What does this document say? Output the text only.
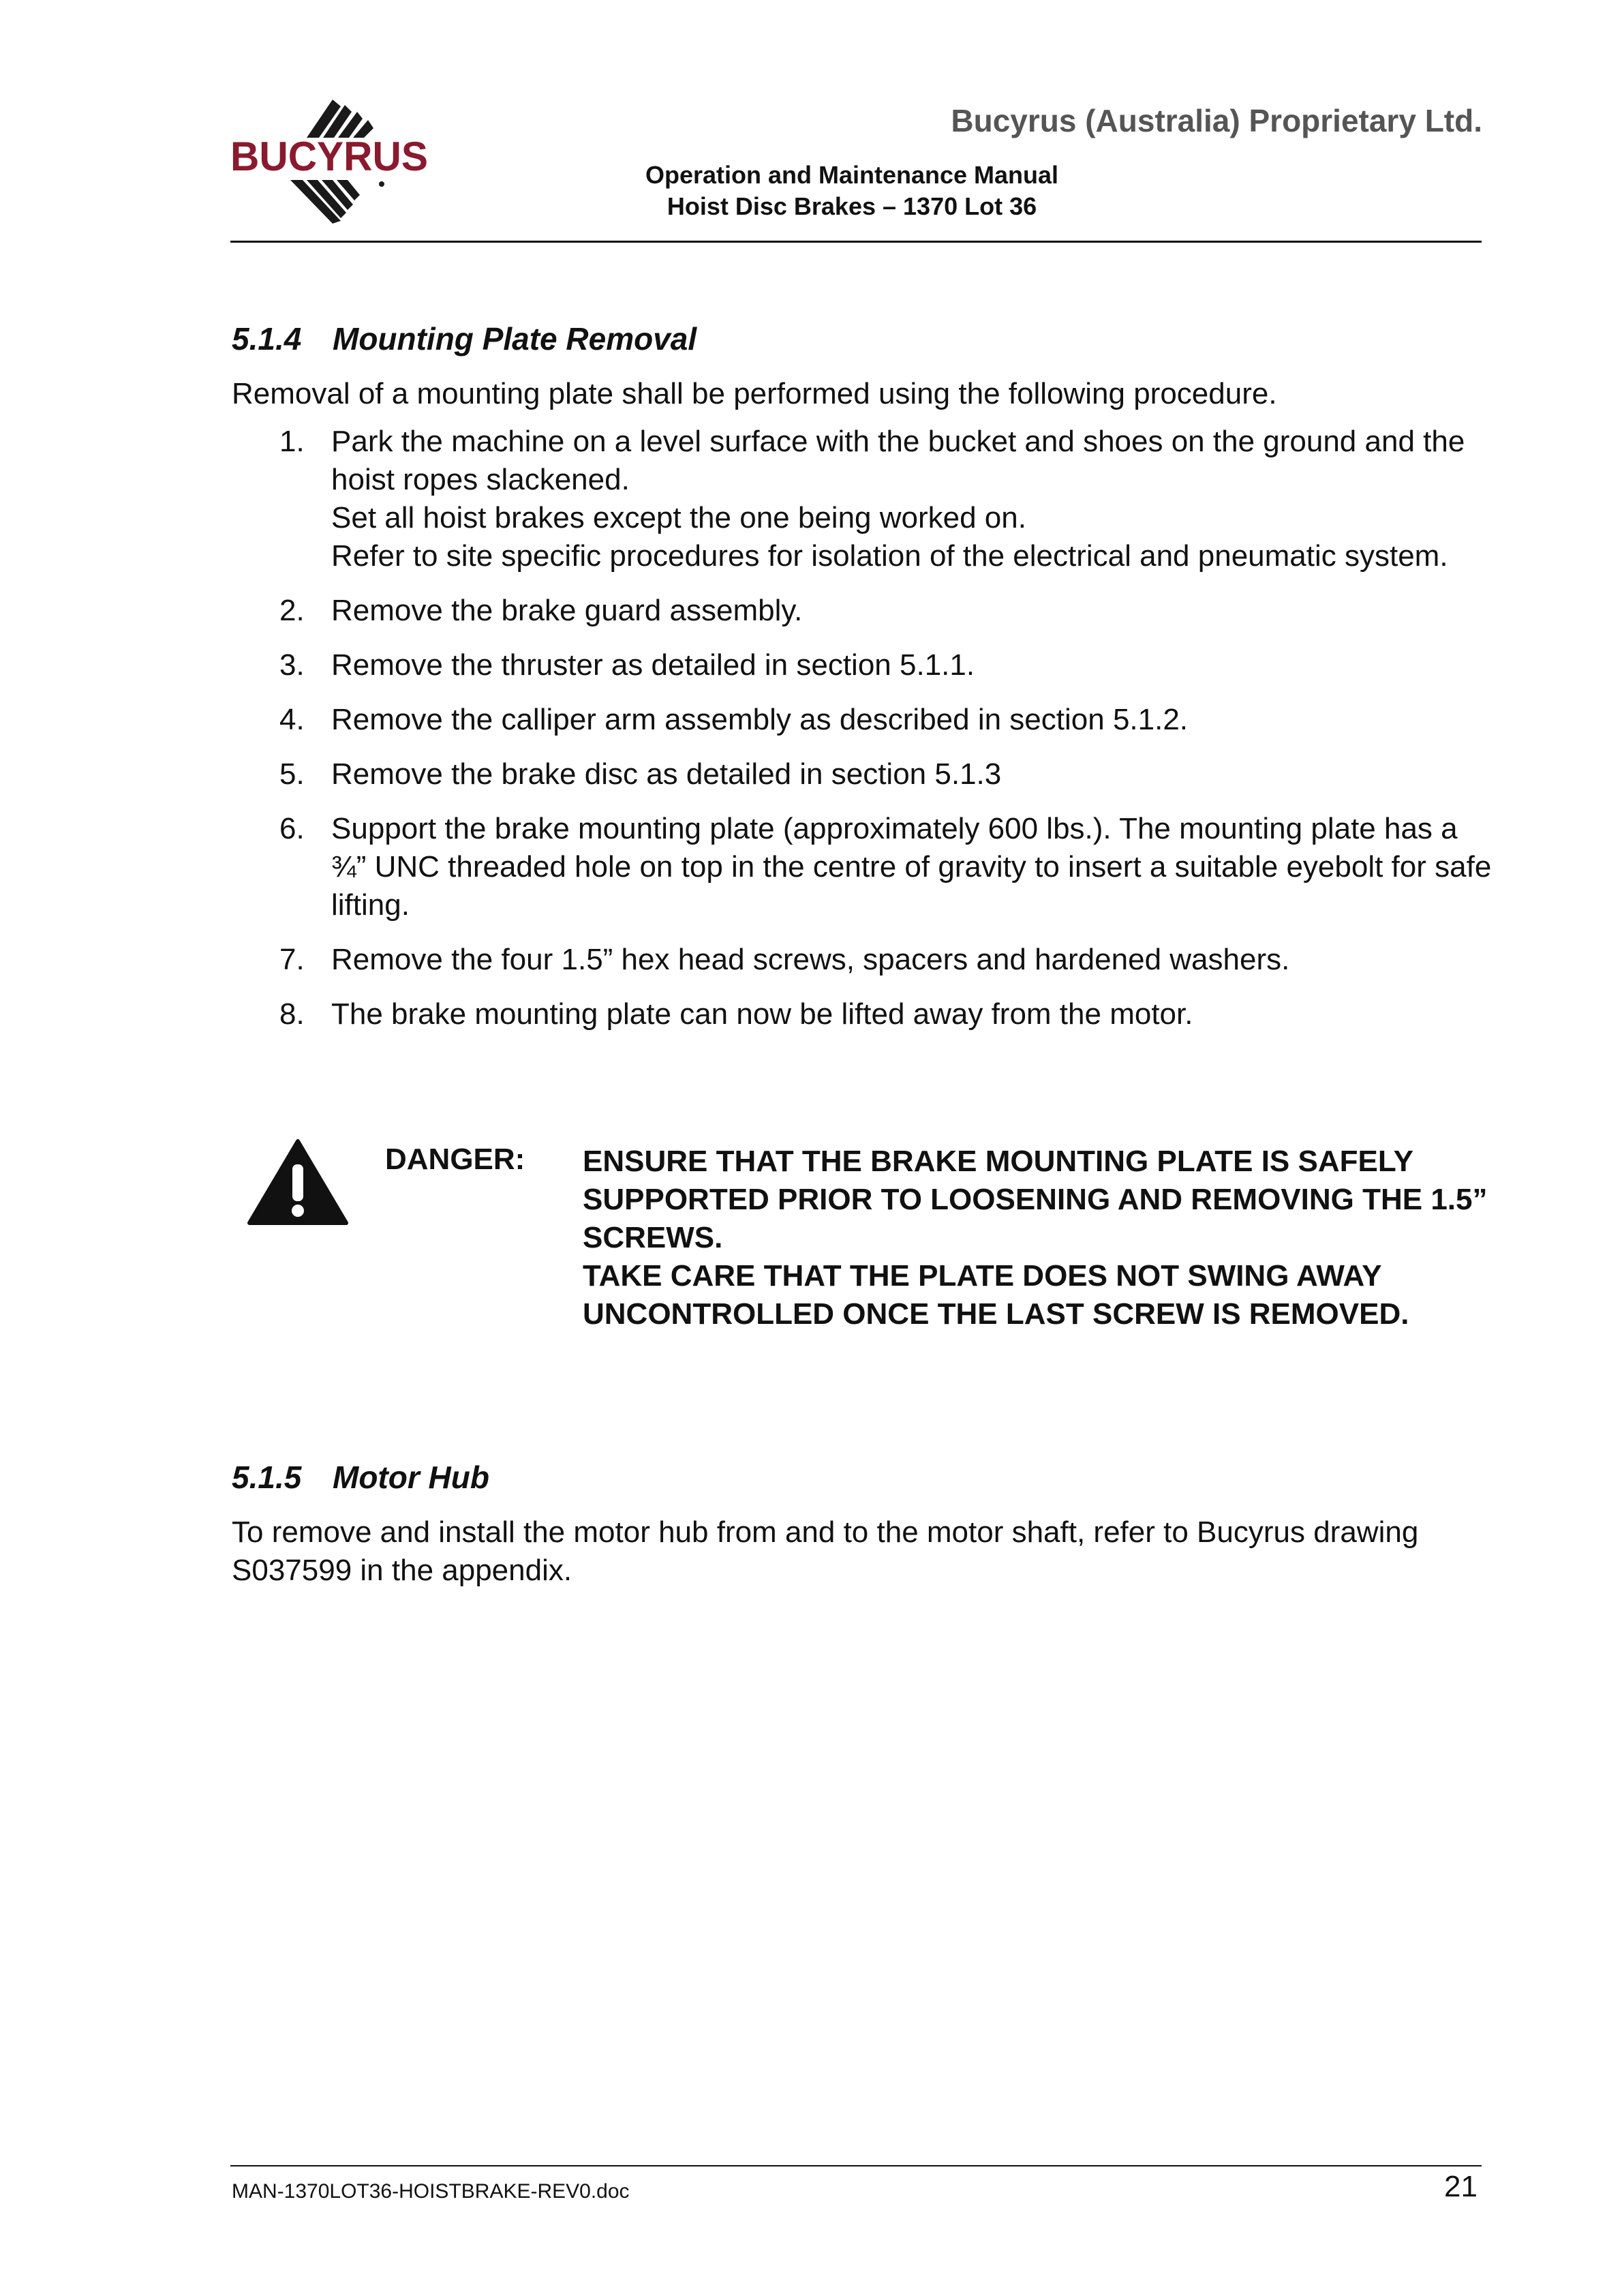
BUCYRUS
Bucyrus (Australia) Proprietary Ltd.
Operation and Maintenance Manual
Hoist Disc Brakes – 1370 Lot 36
5.1.4 Mounting Plate Removal
Removal of a mounting plate shall be performed using the following procedure.
1. Park the machine on a level surface with the bucket and shoes on the ground and the hoist ropes slackened.
Set all hoist brakes except the one being worked on.
Refer to site specific procedures for isolation of the electrical and pneumatic system.
2. Remove the brake guard assembly.
3. Remove the thruster as detailed in section 5.1.1.
4. Remove the calliper arm assembly as described in section 5.1.2.
5. Remove the brake disc as detailed in section 5.1.3
6. Support the brake mounting plate (approximately 600 lbs.). The mounting plate has a ¾” UNC threaded hole on top in the centre of gravity to insert a suitable eyebolt for safe lifting.
7. Remove the four 1.5” hex head screws, spacers and hardened washers.
8. The brake mounting plate can now be lifted away from the motor.
DANGER: ENSURE THAT THE BRAKE MOUNTING PLATE IS SAFELY SUPPORTED PRIOR TO LOOSENING AND REMOVING THE 1.5” SCREWS.
TAKE CARE THAT THE PLATE DOES NOT SWING AWAY UNCONTROLLED ONCE THE LAST SCREW IS REMOVED.
5.1.5 Motor Hub
To remove and install the motor hub from and to the motor shaft, refer to Bucyrus drawing S037599 in the appendix.
MAN-1370LOT36-HOISTBRAKE-REV0.doc	21
